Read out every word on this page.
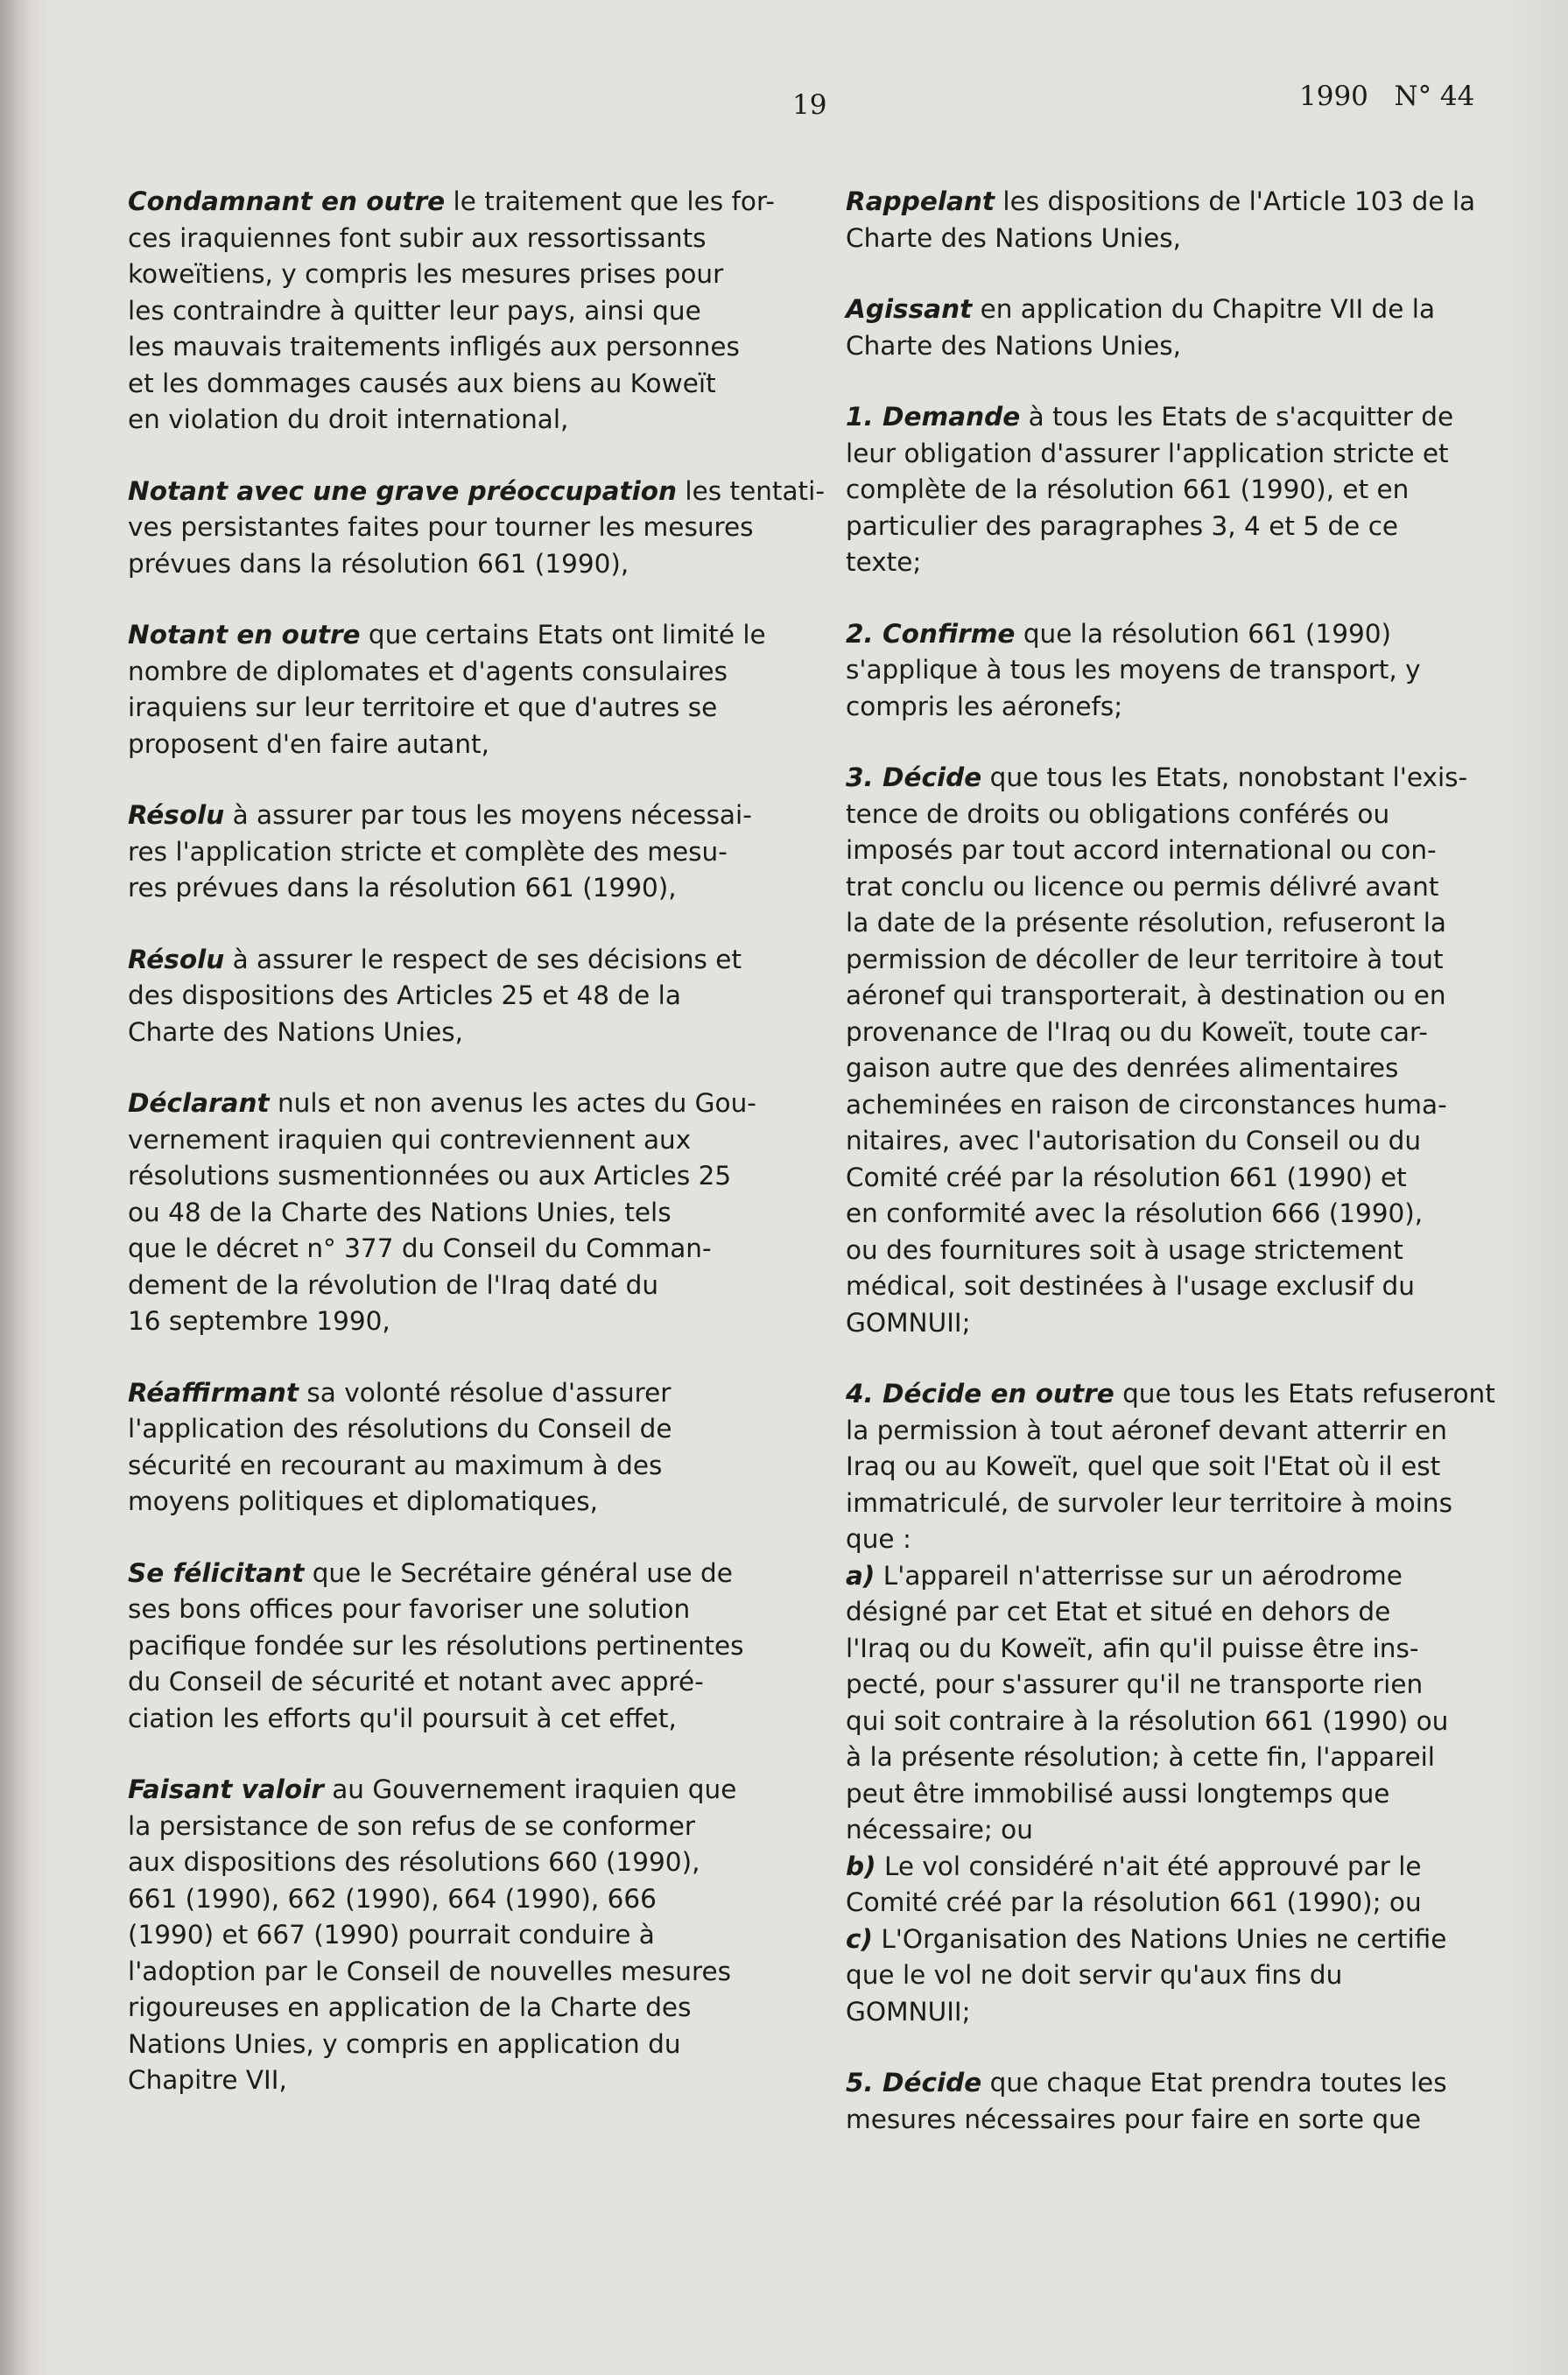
19	1990   N° 44
Condamnant en outre le traitement que les for-
ces iraquiennes font subir aux ressortissants
koweïtiens, y compris les mesures prises pour
les contraindre à quitter leur pays, ainsi que
les mauvais traitements infligés aux personnes
et les dommages causés aux biens au Koweït
en violation du droit international,
Notant avec une grave préoccupation les tentati-
ves persistantes faites pour tourner les mesures
prévues dans la résolution 661 (1990),
Notant en outre que certains Etats ont limité le
nombre de diplomates et d'agents consulaires
iraquiens sur leur territoire et que d'autres se
proposent d'en faire autant,
Résolu à assurer par tous les moyens nécessai-
res l'application stricte et complète des mesu-
res prévues dans la résolution 661 (1990),
Résolu à assurer le respect de ses décisions et
des dispositions des Articles 25 et 48 de la
Charte des Nations Unies,
Déclarant nuls et non avenus les actes du Gou-
vernement iraquien qui contreviennent aux
résolutions susmentionnées ou aux Articles 25
ou 48 de la Charte des Nations Unies, tels
que le décret n° 377 du Conseil du Comman-
dement de la révolution de l'Iraq daté du
16 septembre 1990,
Réaffirmant sa volonté résolue d'assurer
l'application des résolutions du Conseil de
sécurité en recourant au maximum à des
moyens politiques et diplomatiques,
Se félicitant que le Secrétaire général use de
ses bons offices pour favoriser une solution
pacifique fondée sur les résolutions pertinentes
du Conseil de sécurité et notant avec appré-
ciation les efforts qu'il poursuit à cet effet,
Faisant valoir au Gouvernement iraquien que
la persistance de son refus de se conformer
aux dispositions des résolutions 660 (1990),
661 (1990), 662 (1990), 664 (1990), 666
(1990) et 667 (1990) pourrait conduire à
l'adoption par le Conseil de nouvelles mesures
rigoureuses en application de la Charte des
Nations Unies, y compris en application du
Chapitre VII,
Rappelant les dispositions de l'Article 103 de la
Charte des Nations Unies,
Agissant en application du Chapitre VII de la
Charte des Nations Unies,
1. Demande à tous les Etats de s'acquitter de
leur obligation d'assurer l'application stricte et
complète de la résolution 661 (1990), et en
particulier des paragraphes 3, 4 et 5 de ce
texte;
2. Confirme que la résolution 661 (1990)
s'applique à tous les moyens de transport, y
compris les aéronefs;
3. Décide que tous les Etats, nonobstant l'exis-
tence de droits ou obligations conférés ou
imposés par tout accord international ou con-
trat conclu ou licence ou permis délivré avant
la date de la présente résolution, refuseront la
permission de décoller de leur territoire à tout
aéronef qui transporterait, à destination ou en
provenance de l'Iraq ou du Koweït, toute car-
gaison autre que des denrées alimentaires
acheminées en raison de circonstances huma-
nitaires, avec l'autorisation du Conseil ou du
Comité créé par la résolution 661 (1990) et
en conformité avec la résolution 666 (1990),
ou des fournitures soit à usage strictement
médical, soit destinées à l'usage exclusif du
GOMNUII;
4. Décide en outre que tous les Etats refuseront
la permission à tout aéronef devant atterrir en
Iraq ou au Koweït, quel que soit l'Etat où il est
immatriculé, de survoler leur territoire à moins
que :
a) L'appareil n'atterrisse sur un aérodrome
désigné par cet Etat et situé en dehors de
l'Iraq ou du Koweït, afin qu'il puisse être ins-
pecté, pour s'assurer qu'il ne transporte rien
qui soit contraire à la résolution 661 (1990) ou
à la présente résolution; à cette fin, l'appareil
peut être immobilisé aussi longtemps que
nécessaire; ou
b) Le vol considéré n'ait été approuvé par le
Comité créé par la résolution 661 (1990); ou
c) L'Organisation des Nations Unies ne certifie
que le vol ne doit servir qu'aux fins du
GOMNUII;
5. Décide que chaque Etat prendra toutes les
mesures nécessaires pour faire en sorte que
